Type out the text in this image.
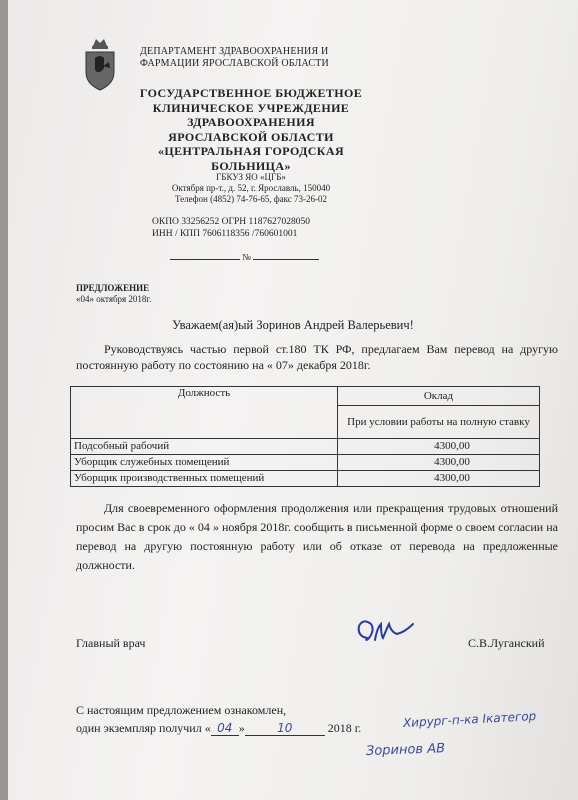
ДЕПАРТАМЕНТ ЗДРАВООХРАНЕНИЯ И
ФАРМАЦИИ ЯРОСЛАВСКОЙ ОБЛАСТИ
ГОСУДАРСТВЕННОЕ БЮДЖЕТНОЕ
КЛИНИЧЕСКОЕ УЧРЕЖДЕНИЕ
ЗДРАВООХРАНЕНИЯ
ЯРОСЛАВСКОЙ ОБЛАСТИ
«ЦЕНТРАЛЬНАЯ ГОРОДСКАЯ
БОЛЬНИЦА»
ГБКУЗ ЯО «ЦГБ»
Октября пр-т., д. 52, г. Ярославль, 150040
Телефон (4852) 74-76-65, факс 73-26-02
ОКПО 33256252 ОГРН 1187627028050
ИНН / КПП 7606118356 /760601001
№
ПРЕДЛОЖЕНИЕ
«04» октября 2018г.
Уважаем(ая)ый Зоринов Андрей Валерьевич!
Руководствуясь частью первой ст.180 ТК РФ, предлагаем Вам перевод на другую постоянную работу по состоянию на « 07» декабря 2018г.
Должность	Оклад
	При условии работы на полную ставку
Подсобный рабочий	4300,00
Уборщик служебных помещений	4300,00
Уборщик производственных помещений	4300,00
Для своевременного оформления продолжения или прекращения трудовых отношений просим Вас в срок до « 04 » ноября 2018г. сообщить в письменной форме о своем согласии на перевод на другую постоянную работу или об отказе от перевода на предложенные должности.
Главный врач	С.В.Луганский
С настоящим предложением ознакомлен,
один экземпляр получил « 04 »	10	2018 г.	Хирург-п-ка Iкатегор
Зоринов АВ
